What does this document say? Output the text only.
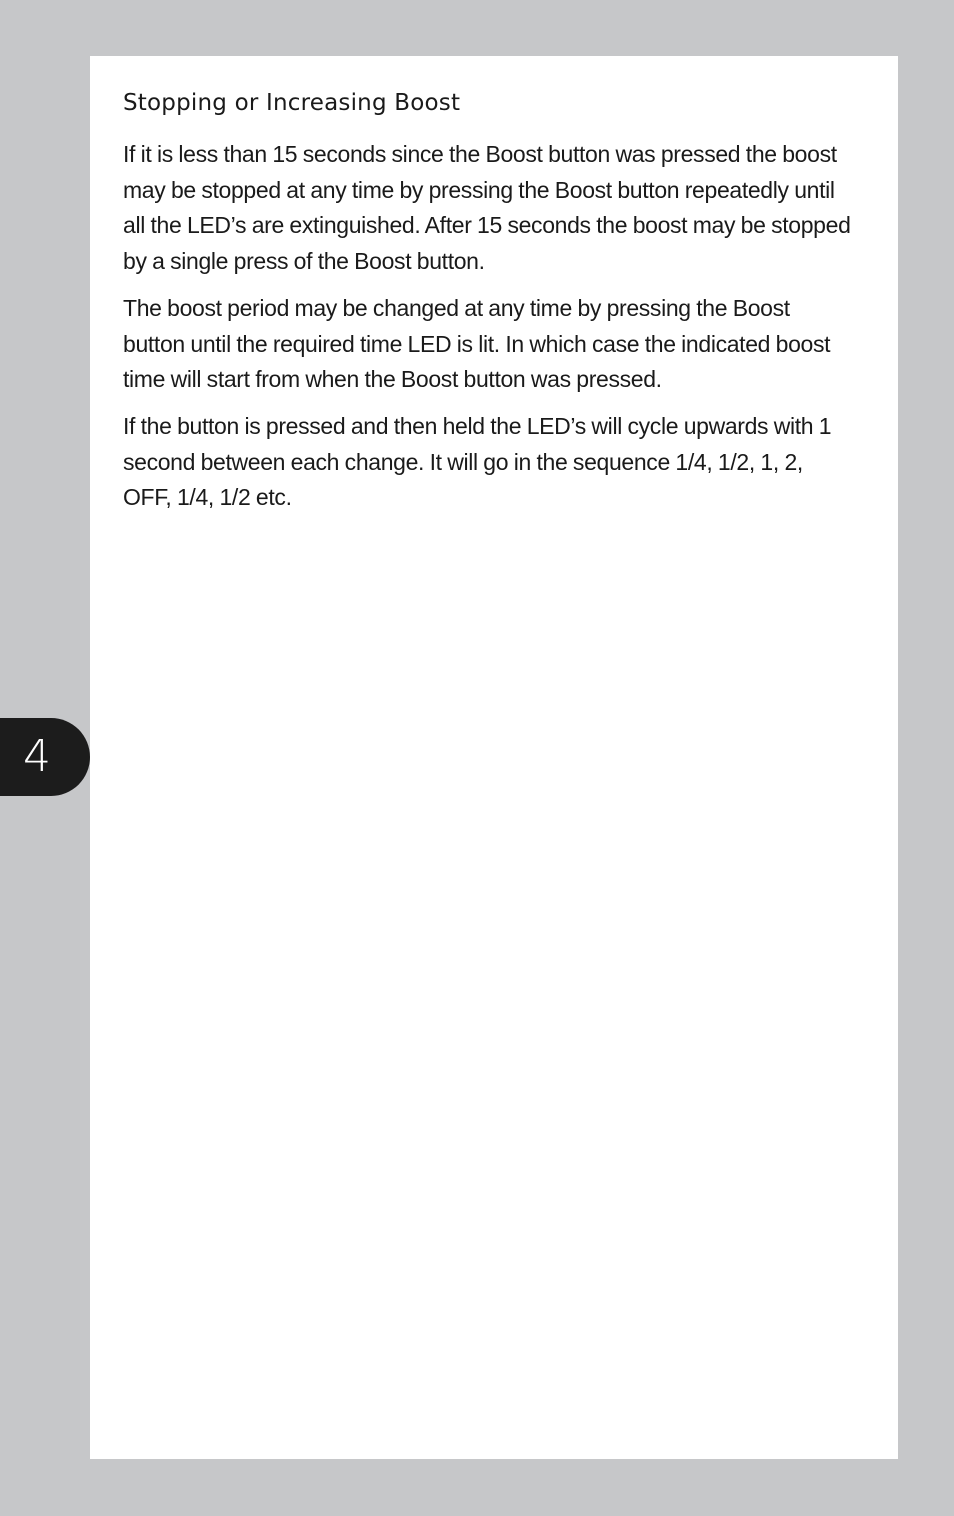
Stopping or Increasing Boost

If it is less than 15 seconds since the Boost button was pressed the boost may be stopped at any time by pressing the Boost button repeatedly until all the LED’s are extinguished. After 15 seconds the boost may be stopped by a single press of the Boost button.

The boost period may be changed at any time by pressing the Boost button until the required time LED is lit. In which case the indicated boost time will start from when the Boost button was pressed.

If the button is pressed and then held the LED’s will cycle upwards with 1 second between each change. It will go in the sequence 1/4, 1/2, 1, 2, OFF, 1/4, 1/2 etc.

4
